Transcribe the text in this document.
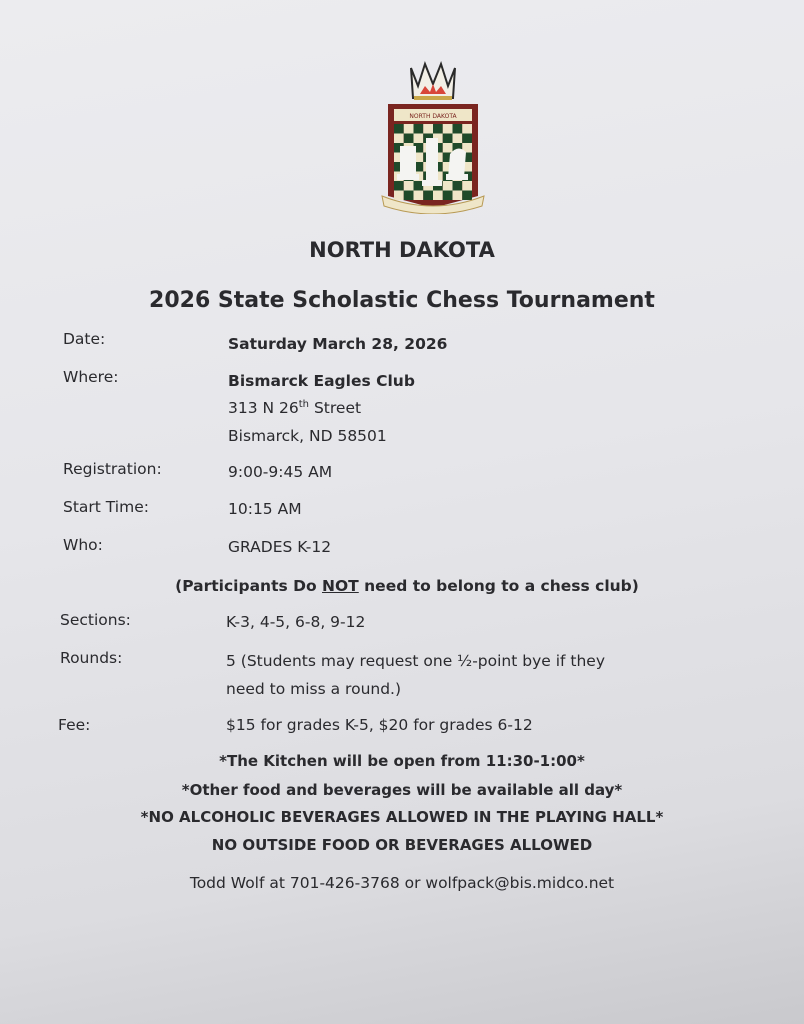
NORTH DAKOTA
NORTH DAKOTA
2026 State Scholastic Chess Tournament
Date:	Saturday March 28, 2026
Where:	Bismarck Eagles Club
313 N 26th Street
Bismarck, ND 58501
Registration:	9:00-9:45 AM
Start Time:	10:15 AM
Who:	GRADES K-12
(Participants Do NOT need to belong to a chess club)
Sections:	K-3, 4-5, 6-8, 9-12
Rounds:	5 (Students may request one ½-point bye if they
need to miss a round.)
Fee:	$15 for grades K-5, $20 for grades 6-12
*The Kitchen will be open from 11:30-1:00*
*Other food and beverages will be available all day*
*NO ALCOHOLIC BEVERAGES ALLOWED IN THE PLAYING HALL*
NO OUTSIDE FOOD OR BEVERAGES ALLOWED
Todd Wolf at 701-426-3768 or wolfpack@bis.midco.net
